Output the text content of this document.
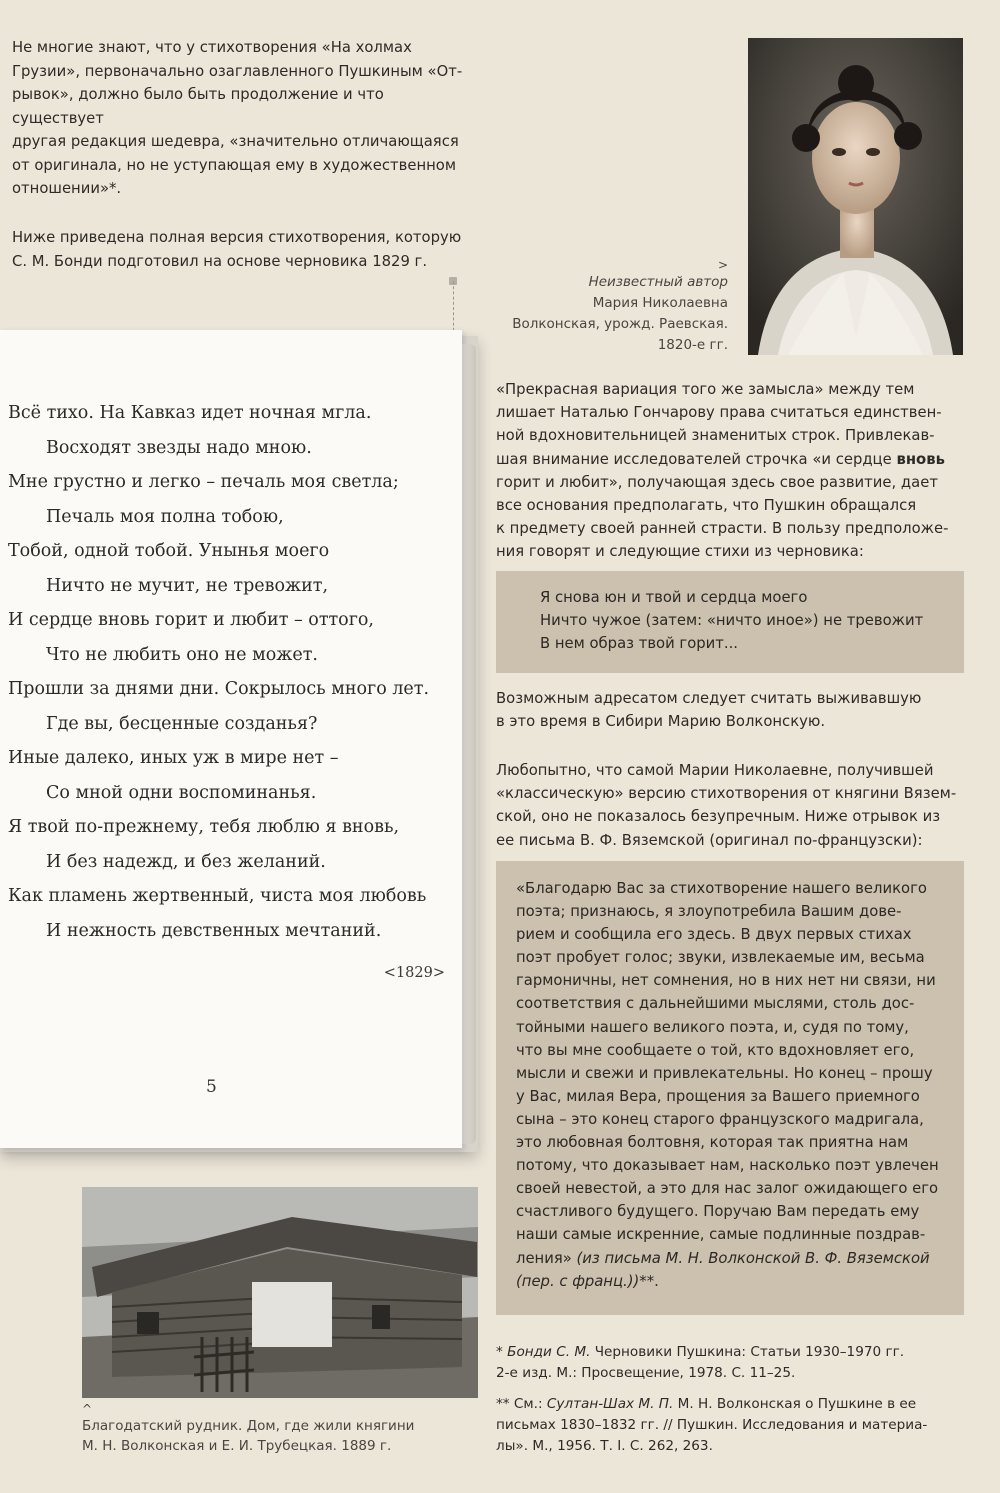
Не многие знают, что у стихотворения «На холмах
Грузии», первоначально озаглавленного Пушкиным «От-
рывок», должно было быть продолжение и что существует
другая редакция шедевра, «значительно отличающаяся
от оригинала, но не уступающая ему в художественном
отношении»*.

Ниже приведена полная версия стихотворения, которую
С. М. Бонди подготовил на основе черновика 1829 г.	>
Неизвестный автор
Мария Николаевна
Волконская, урожд. Раевская.
1820-е гг.
Всё тихо. На Кавказ идет ночная мгла.
Восходят звезды надо мною.
Мне грустно и легко – печаль моя светла;
Печаль моя полна тобою,
Тобой, одной тобой. Унынья моего
Ничто не мучит, не тревожит,
И сердце вновь горит и любит – оттого,
Что не любить оно не может.
Прошли за днями дни. Сокрылось много лет.
Где вы, бесценные созданья?
Иные далеко, иных уж в мире нет –
Со мной одни воспоминанья.
Я твой по-прежнему, тебя люблю я вновь,
И без надежд, и без желаний.
Как пламень жертвенный, чиста моя любовь
И нежность девственных мечтаний.
<1829>
5
^
Благодатский рудник. Дом, где жили княгини
М. Н. Волконская и Е. И. Трубецкая. 1889 г.

«Прекрасная вариация того же замысла» между тем
лишает Наталью Гончарову права считаться единствен-
ной вдохновительницей знаменитых строк. Привлекав-
шая внимание исследователей строчка «и сердце вновь
горит и любит», получающая здесь свое развитие, дает
все основания предполагать, что Пушкин обращался
к предмету своей ранней страсти. В пользу предположе-
ния говорят и следующие стихи из черновика:

Я снова юн и твой и сердца моего
Ничто чужое (затем: «ничто иное») не тревожит
В нем образ твой горит...

Возможным адресатом следует считать выживавшую
в это время в Сибири Марию Волконскую.

Любопытно, что самой Марии Николаевне, получившей
«классическую» версию стихотворения от княгини Вязем-
ской, оно не показалось безупречным. Ниже отрывок из
ее письма В. Ф. Вяземской (оригинал по-французски):

«Благодарю Вас за стихотворение нашего великого
поэта; признаюсь, я злоупотребила Вашим дове-
рием и сообщила его здесь. В двух первых стихах
поэт пробует голос; звуки, извлекаемые им, весьма
гармоничны, нет сомнения, но в них нет ни связи, ни
соответствия с дальнейшими мыслями, столь дос-
тойными нашего великого поэта, и, судя по тому,
что вы мне сообщаете о той, кто вдохновляет его,
мысли и свежи и привлекательны. Но конец – прошу
у Вас, милая Вера, прощения за Вашего приемного
сына – это конец старого французского мадригала,
это любовная болтовня, которая так приятна нам
потому, что доказывает нам, насколько поэт увлечен
своей невестой, а это для нас залог ожидающего его
счастливого будущего. Поручаю Вам передать ему
наши самые искренние, самые подлинные поздрав-
ления» (из письма М. Н. Волконской В. Ф. Вяземской
(пер. с франц.))**.

* Бонди С. М. Черновики Пушкина: Статьи 1930–1970 гг.
2-е изд. М.: Просвещение, 1978. С. 11–25.

** См.: Султан-Шах М. П. М. Н. Волконская о Пушкине в ее
письмах 1830–1832 гг. // Пушкин. Исследования и материа-
лы». М., 1956. Т. I. С. 262, 263.
